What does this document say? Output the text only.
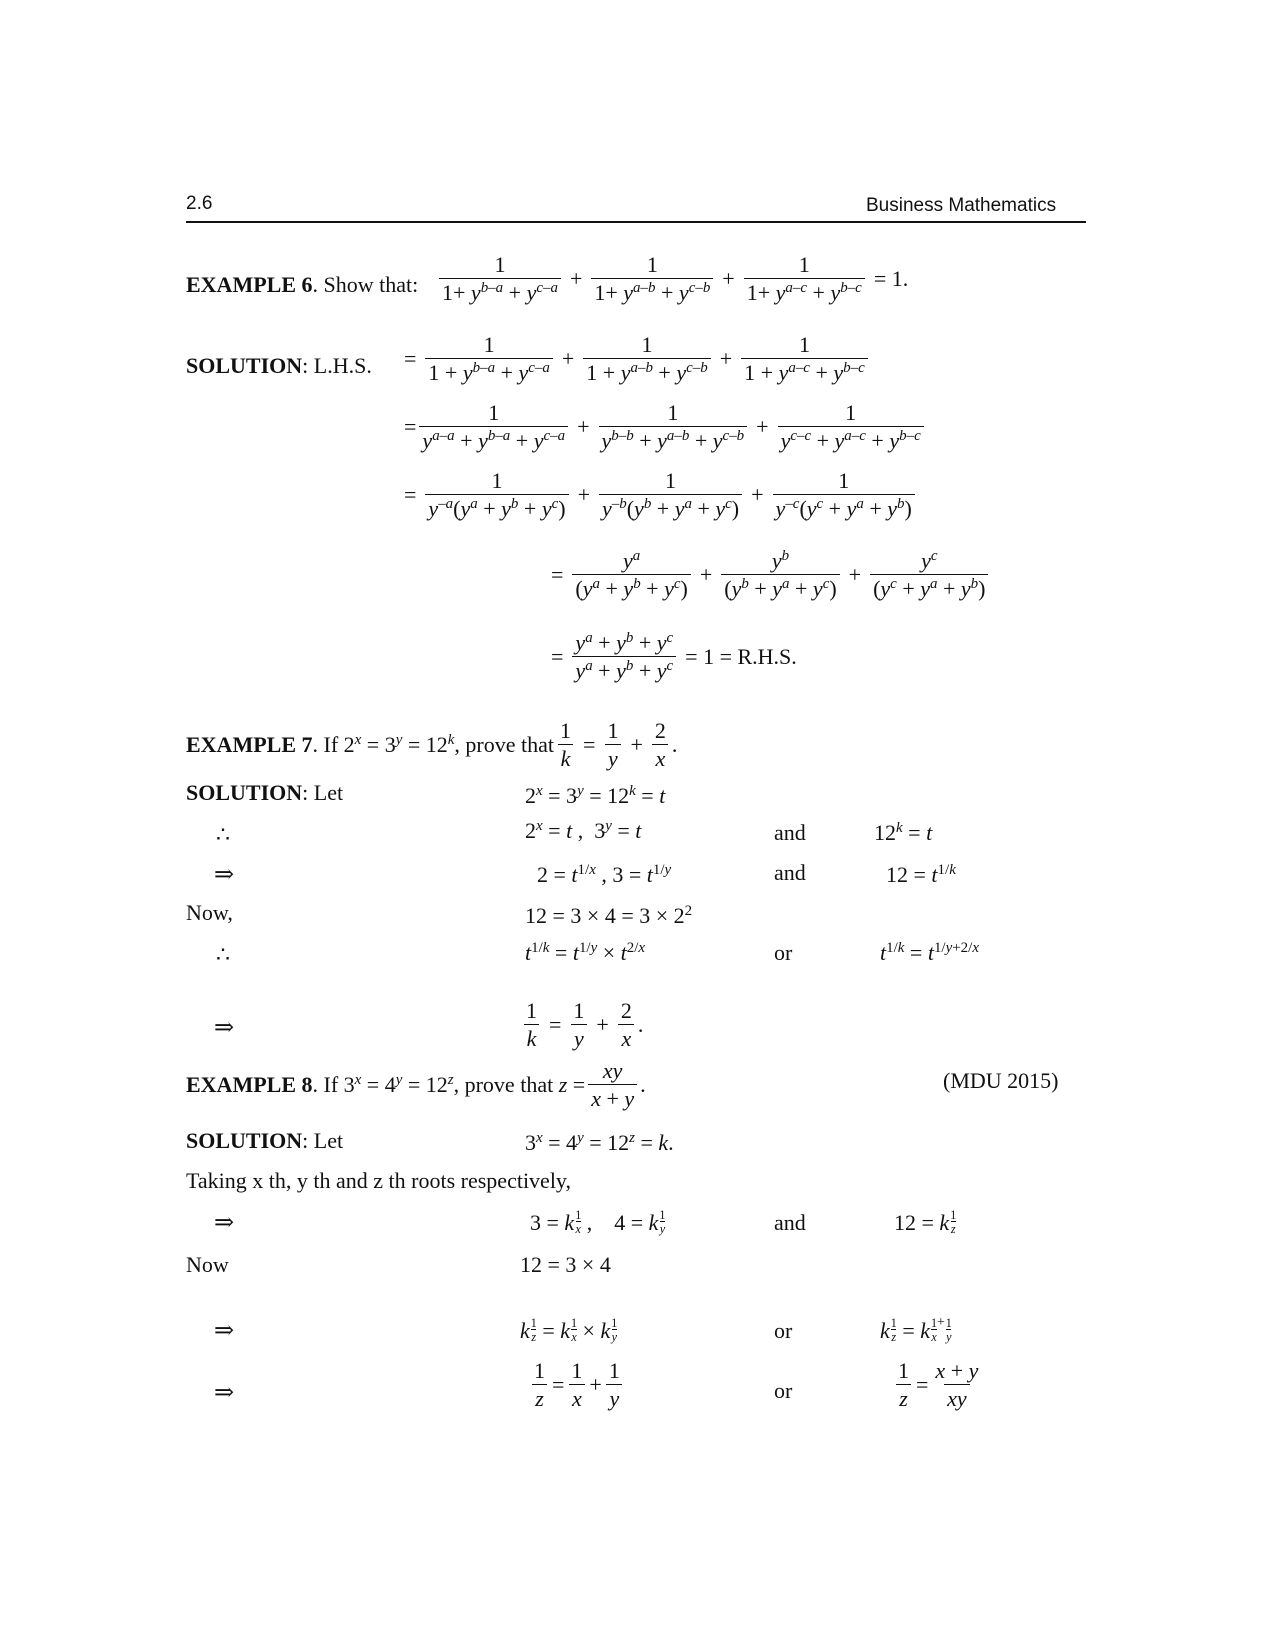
2.6	Business Mathematics
EXAMPLE 6. Show that:
1
$1+ y^{b-a} + y^{c-a} + \frac{1}{1+ y^{a-b} + y^{c-b}} + \frac{1}{1+ y^{a-c} + y^{b-c}} = 1$.
SOLUTION: L.H.S. = $\frac{1}{1 + y^{b-a} + y^{c-a}} + \frac{1}{1 + y^{a-b} + y^{c-b}} + \frac{1}{1 + y^{a-c} + y^{b-c}}$
= $\frac{1}{y^{a-a} + y^{b-a} + y^{c-a}} + \frac{1}{y^{b-b} + y^{a-b} + y^{c-b}} + \frac{1}{y^{c-c} + y^{a-c} + y^{b-c}}$
= $\frac{1}{y^{-a}(y^a + y^b + y^c)} + \frac{1}{y^{-b}(y^b + y^a + y^c)} + \frac{1}{y^{-c}(y^c + y^a + y^b)}$
= $\frac{y^a}{(y^a + y^b + y^c)} + \frac{y^b}{(y^b + y^a + y^c)} + \frac{y^c}{(y^c + y^a + y^b)}$
= $\frac{y^a + y^b + y^c}{y^a + y^b + y^c} = 1 = R.H.S$.
EXAMPLE 7 . If $2^x = 3^y = 12^k$, prove that $\frac{1}{k} = \frac{1}{y} + \frac{2}{x}$ .
SOLUTION: Let	$2^x = 3^y = 12^k = t$
∴	$2^x = t$ ,  $3^y = t$	and	$12^k = t$
⇒	$2 = t^{1/x}$ , $3 = t^{1/y}$	and	$12 = t^{1/k}$
Now,	$12 = 3 \times 4 = 3 \times 2^2$
∴	$t^{1/k} = t^{1/y} \times t^{2/x}$	or	$t^{1/k} = t^{1/y+2/x}$
⇒	$\frac{1}{k} = \frac{1}{y} + \frac{2}{x}$ .
EXAMPLE 8 . If $3^x = 4^y = 12^z$ , prove that $z = \frac{xy}{x + y}$ .	(MDU 2015)
SOLUTION: Let	$3^x = 4^y = 12^z = k$.
Taking x th, y th and z th roots respectively,
⇒	3 = k $\frac{1}{x}$ ,    4 = k $\frac{1}{y}$	and	12 = k $\frac{1}{z}$
Now	12 = 3 × 4
⇒	k $\frac{1}{z} = k \frac{1}{x} \times k \frac{1}{y}$	or	k $\frac{1}{z} = k \frac{1}{x} ^+ \frac{1}{y}$
⇒	$\frac{1}{z} = \frac{1}{x} + \frac{1}{y}$	or	$\frac{1}{z} = \frac{x + y}{xy}$
